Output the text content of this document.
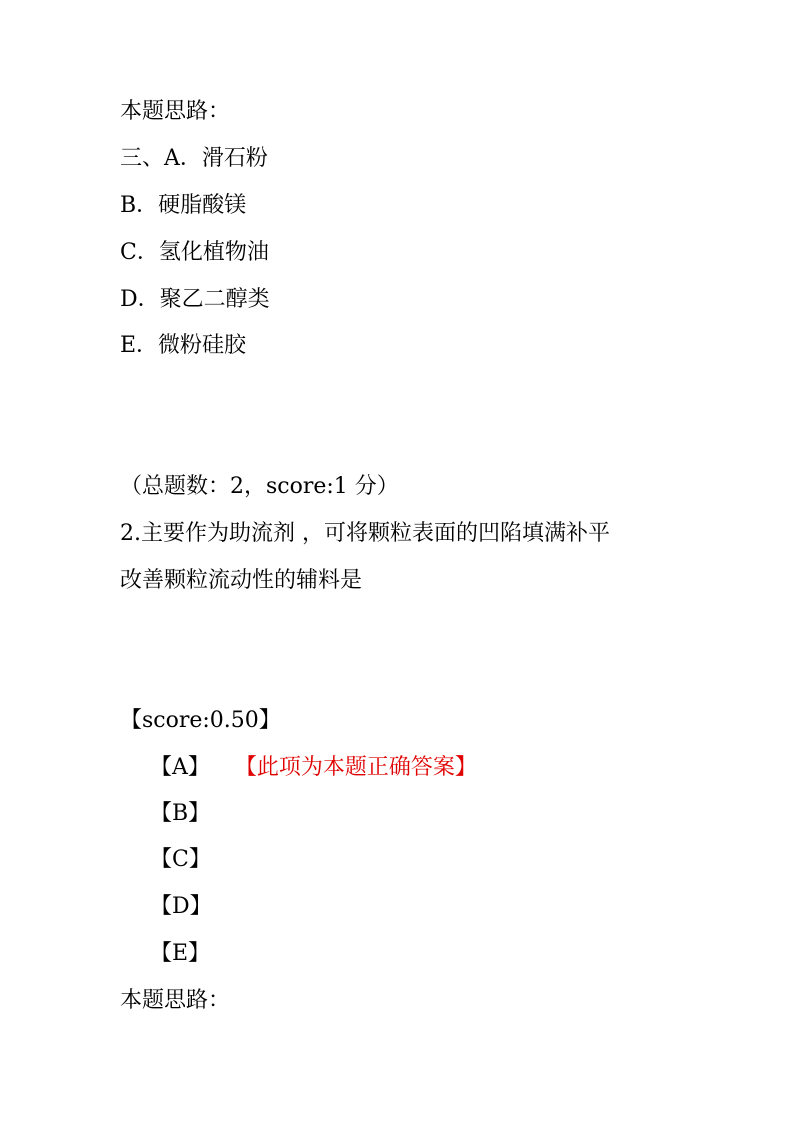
本题思路：
三、A．滑石粉
B．硬脂酸镁
C．氢化植物油
D．聚乙二醇类
E．微粉硅胶
（总题数：2，score:1 分）
2.主要作为助流剂 ，可将颗粒表面的凹陷填满补平
改善颗粒流动性的辅料是
【score:0.50】
【A】 【此项为本题正确答案】
【B】
【C】
【D】
【E】
本题思路：
